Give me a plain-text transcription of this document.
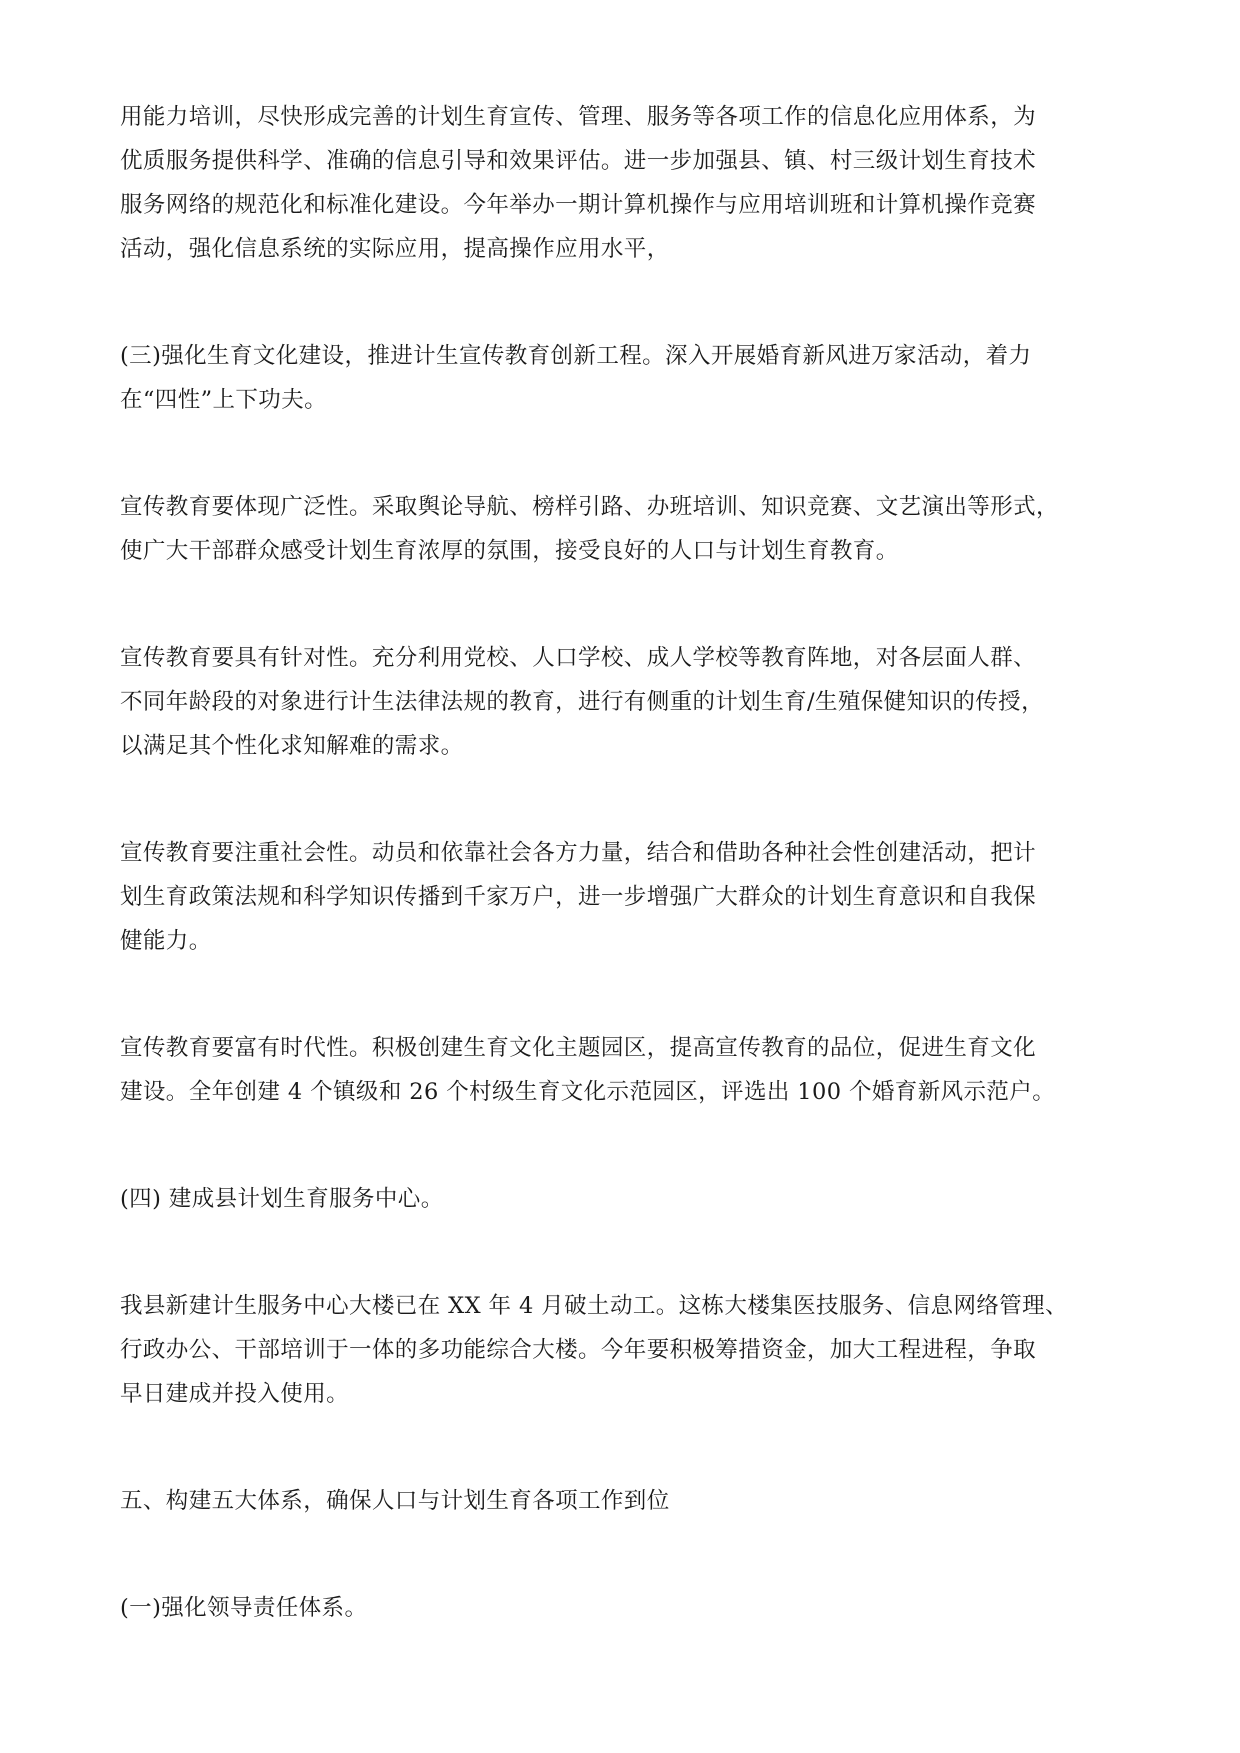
用能力培训，尽快形成完善的计划生育宣传、管理、服务等各项工作的信息化应用体系，为
优质服务提供科学、准确的信息引导和效果评估。进一步加强县、镇、村三级计划生育技术
服务网络的规范化和标准化建设。今年举办一期计算机操作与应用培训班和计算机操作竞赛
活动，强化信息系统的实际应用，提高操作应用水平，

(三)强化生育文化建设，推进计生宣传教育创新工程。深入开展婚育新风进万家活动，着力
在“四性”上下功夫。

宣传教育要体现广泛性。采取舆论导航、榜样引路、办班培训、知识竞赛、文艺演出等形式，
使广大干部群众感受计划生育浓厚的氛围，接受良好的人口与计划生育教育。

宣传教育要具有针对性。充分利用党校、人口学校、成人学校等教育阵地，对各层面人群、
不同年龄段的对象进行计生法律法规的教育，进行有侧重的计划生育/生殖保健知识的传授，
以满足其个性化求知解难的需求。

宣传教育要注重社会性。动员和依靠社会各方力量，结合和借助各种社会性创建活动，把计
划生育政策法规和科学知识传播到千家万户，进一步增强广大群众的计划生育意识和自我保
健能力。

宣传教育要富有时代性。积极创建生育文化主题园区，提高宣传教育的品位，促进生育文化
建设。全年创建 4 个镇级和 26 个村级生育文化示范园区，评选出 100 个婚育新风示范户。

(四) 建成县计划生育服务中心。

我县新建计生服务中心大楼已在 XX 年 4 月破土动工。这栋大楼集医技服务、信息网络管理、
行政办公、干部培训于一体的多功能综合大楼。今年要积极筹措资金，加大工程进程，争取
早日建成并投入使用。

五、构建五大体系，确保人口与计划生育各项工作到位

(一)强化领导责任体系。
